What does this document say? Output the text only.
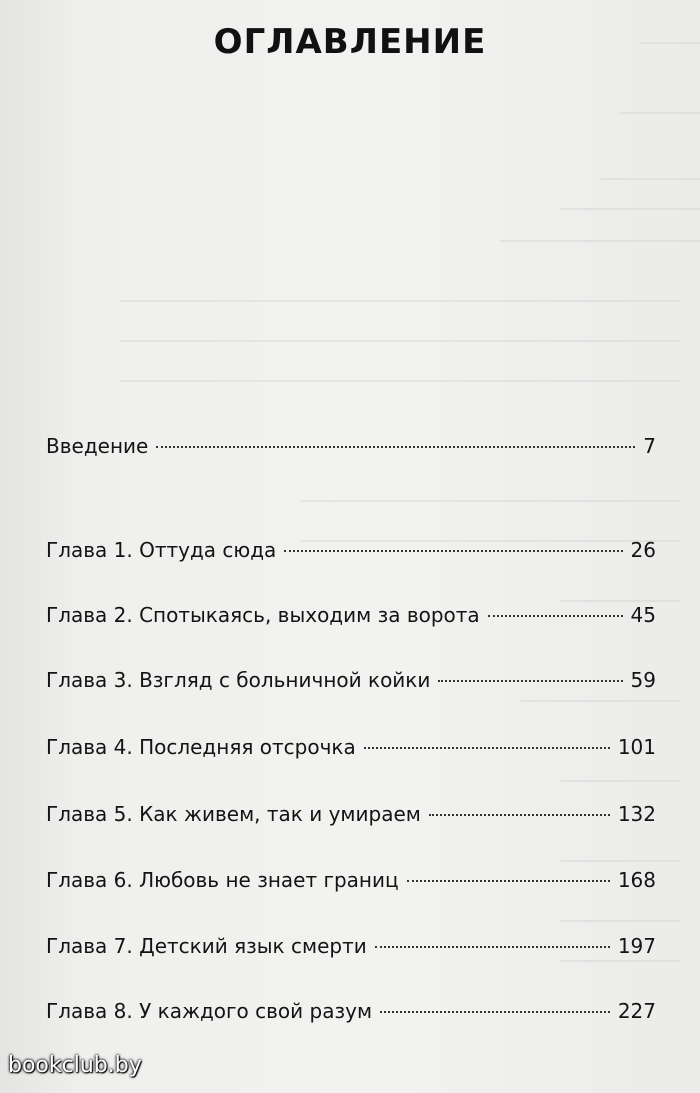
ОГЛАВЛЕНИЕ
Введение	7
Глава 1. Оттуда сюда	26
Глава 2. Спотыкаясь, выходим за ворота	45
Глава 3. Взгляд с больничной койки	59
Глава 4. Последняя отсрочка	101
Глава 5. Как живем, так и умираем	132
Глава 6. Любовь не знает границ	168
Глава 7. Детский язык смерти	197
Глава 8. У каждого свой разум	227
bookclub.by
